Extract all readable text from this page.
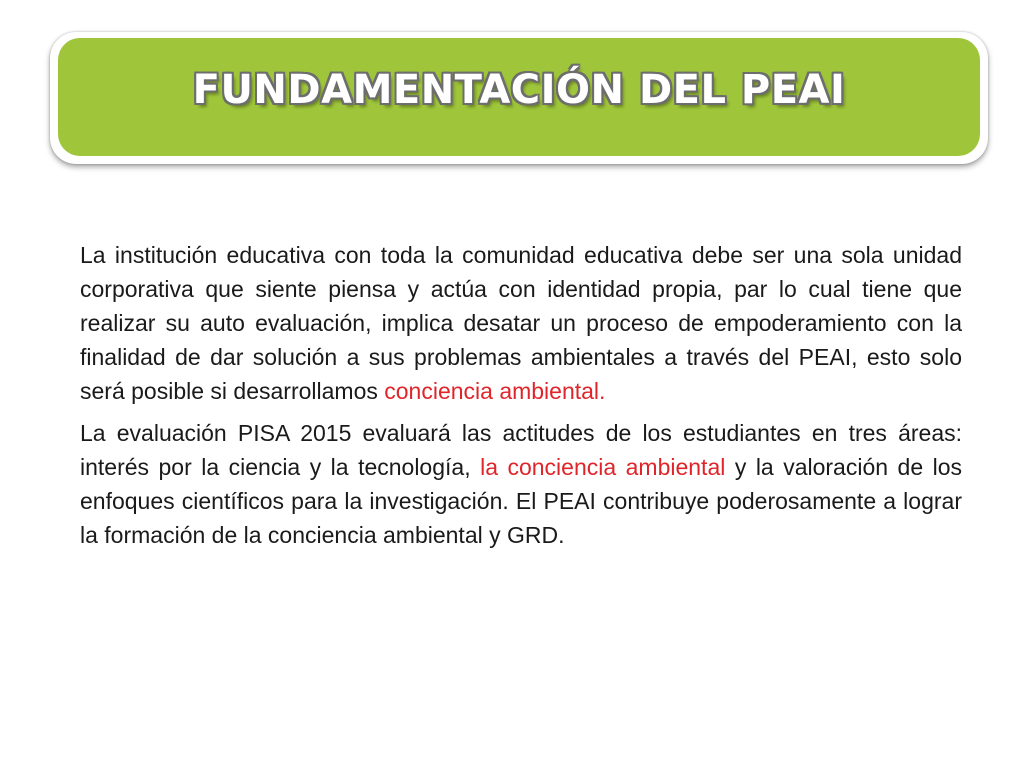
FUNDAMENTACIÓN DEL PEAI

La institución educativa con toda la comunidad educativa debe ser una sola unidad corporativa que siente piensa y actúa con identidad propia, par lo cual tiene que realizar su auto evaluación, implica desatar un proceso de empoderamiento con la finalidad de dar solución a sus problemas ambientales a través del PEAI, esto solo será posible si desarrollamos conciencia ambiental.

La evaluación PISA 2015 evaluará las actitudes de los estudiantes en tres áreas: interés por la ciencia y la tecnología, la conciencia ambiental y la valoración de los enfoques científicos para la investigación. El PEAI contribuye poderosamente a lograr la formación de la conciencia ambiental y GRD.
